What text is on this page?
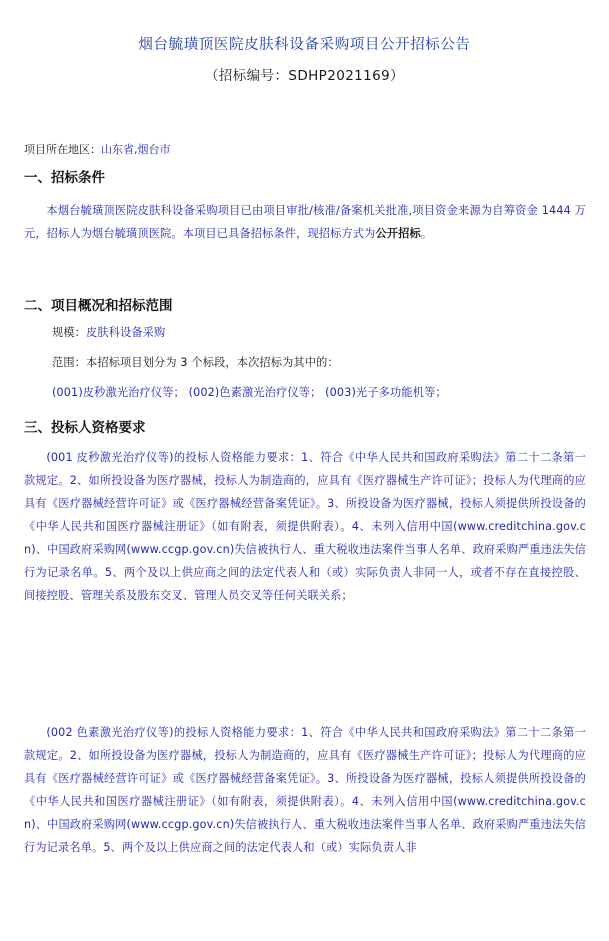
烟台毓璜顶医院皮肤科设备采购项目公开招标公告
（招标编号：SDHP2021169）
项目所在地区：山东省,烟台市
一、招标条件
本烟台毓璜顶医院皮肤科设备采购项目已由项目审批/核准/备案机关批准,项目资金来源为自筹资金 1444 万元，招标人为烟台毓璜顶医院。本项目已具备招标条件，现招标方式为公开招标。
二、项目概况和招标范围
规模：皮肤科设备采购
范围：本招标项目划分为 3 个标段，本次招标为其中的：
(001)皮秒激光治疗仪等； (002)色素激光治疗仪等； (003)光子多功能机等；
三、投标人资格要求
(001 皮秒激光治疗仪等)的投标人资格能力要求：1、符合《中华人民共和国政府采购法》第二十二条第一款规定。2、如所投设备为医疗器械，投标人为制造商的，应具有《医疗器械生产许可证》；投标人为代理商的应具有《医疗器械经营许可证》或《医疗器械经营备案凭证》。3、所投设备为医疗器械，投标人须提供所投设备的《中华人民共和国医疗器械注册证》（如有附表，须提供附表）。4、未列入信用中国(www.creditchina.gov.cn)、中国政府采购网(www.ccgp.gov.cn)失信被执行人、重大税收违法案件当事人名单、政府采购严重违法失信行为记录名单。5、两个及以上供应商之间的法定代表人和（或）实际负责人非同一人，或者不存在直接控股、间接控股、管理关系及股东交叉、管理人员交叉等任何关联关系；
(002 色素激光治疗仪等)的投标人资格能力要求：1、符合《中华人民共和国政府采购法》第二十二条第一款规定。2、如所投设备为医疗器械，投标人为制造商的，应具有《医疗器械生产许可证》；投标人为代理商的应具有《医疗器械经营许可证》或《医疗器械经营备案凭证》。3、所投设备为医疗器械，投标人须提供所投设备的《中华人民共和国医疗器械注册证》（如有附表，须提供附表）。4、未列入信用中国(www.creditchina.gov.cn)、中国政府采购网(www.ccgp.gov.cn)失信被执行人、重大税收违法案件当事人名单、政府采购严重违法失信行为记录名单。5、两个及以上供应商之间的法定代表人和（或）实际负责人非
